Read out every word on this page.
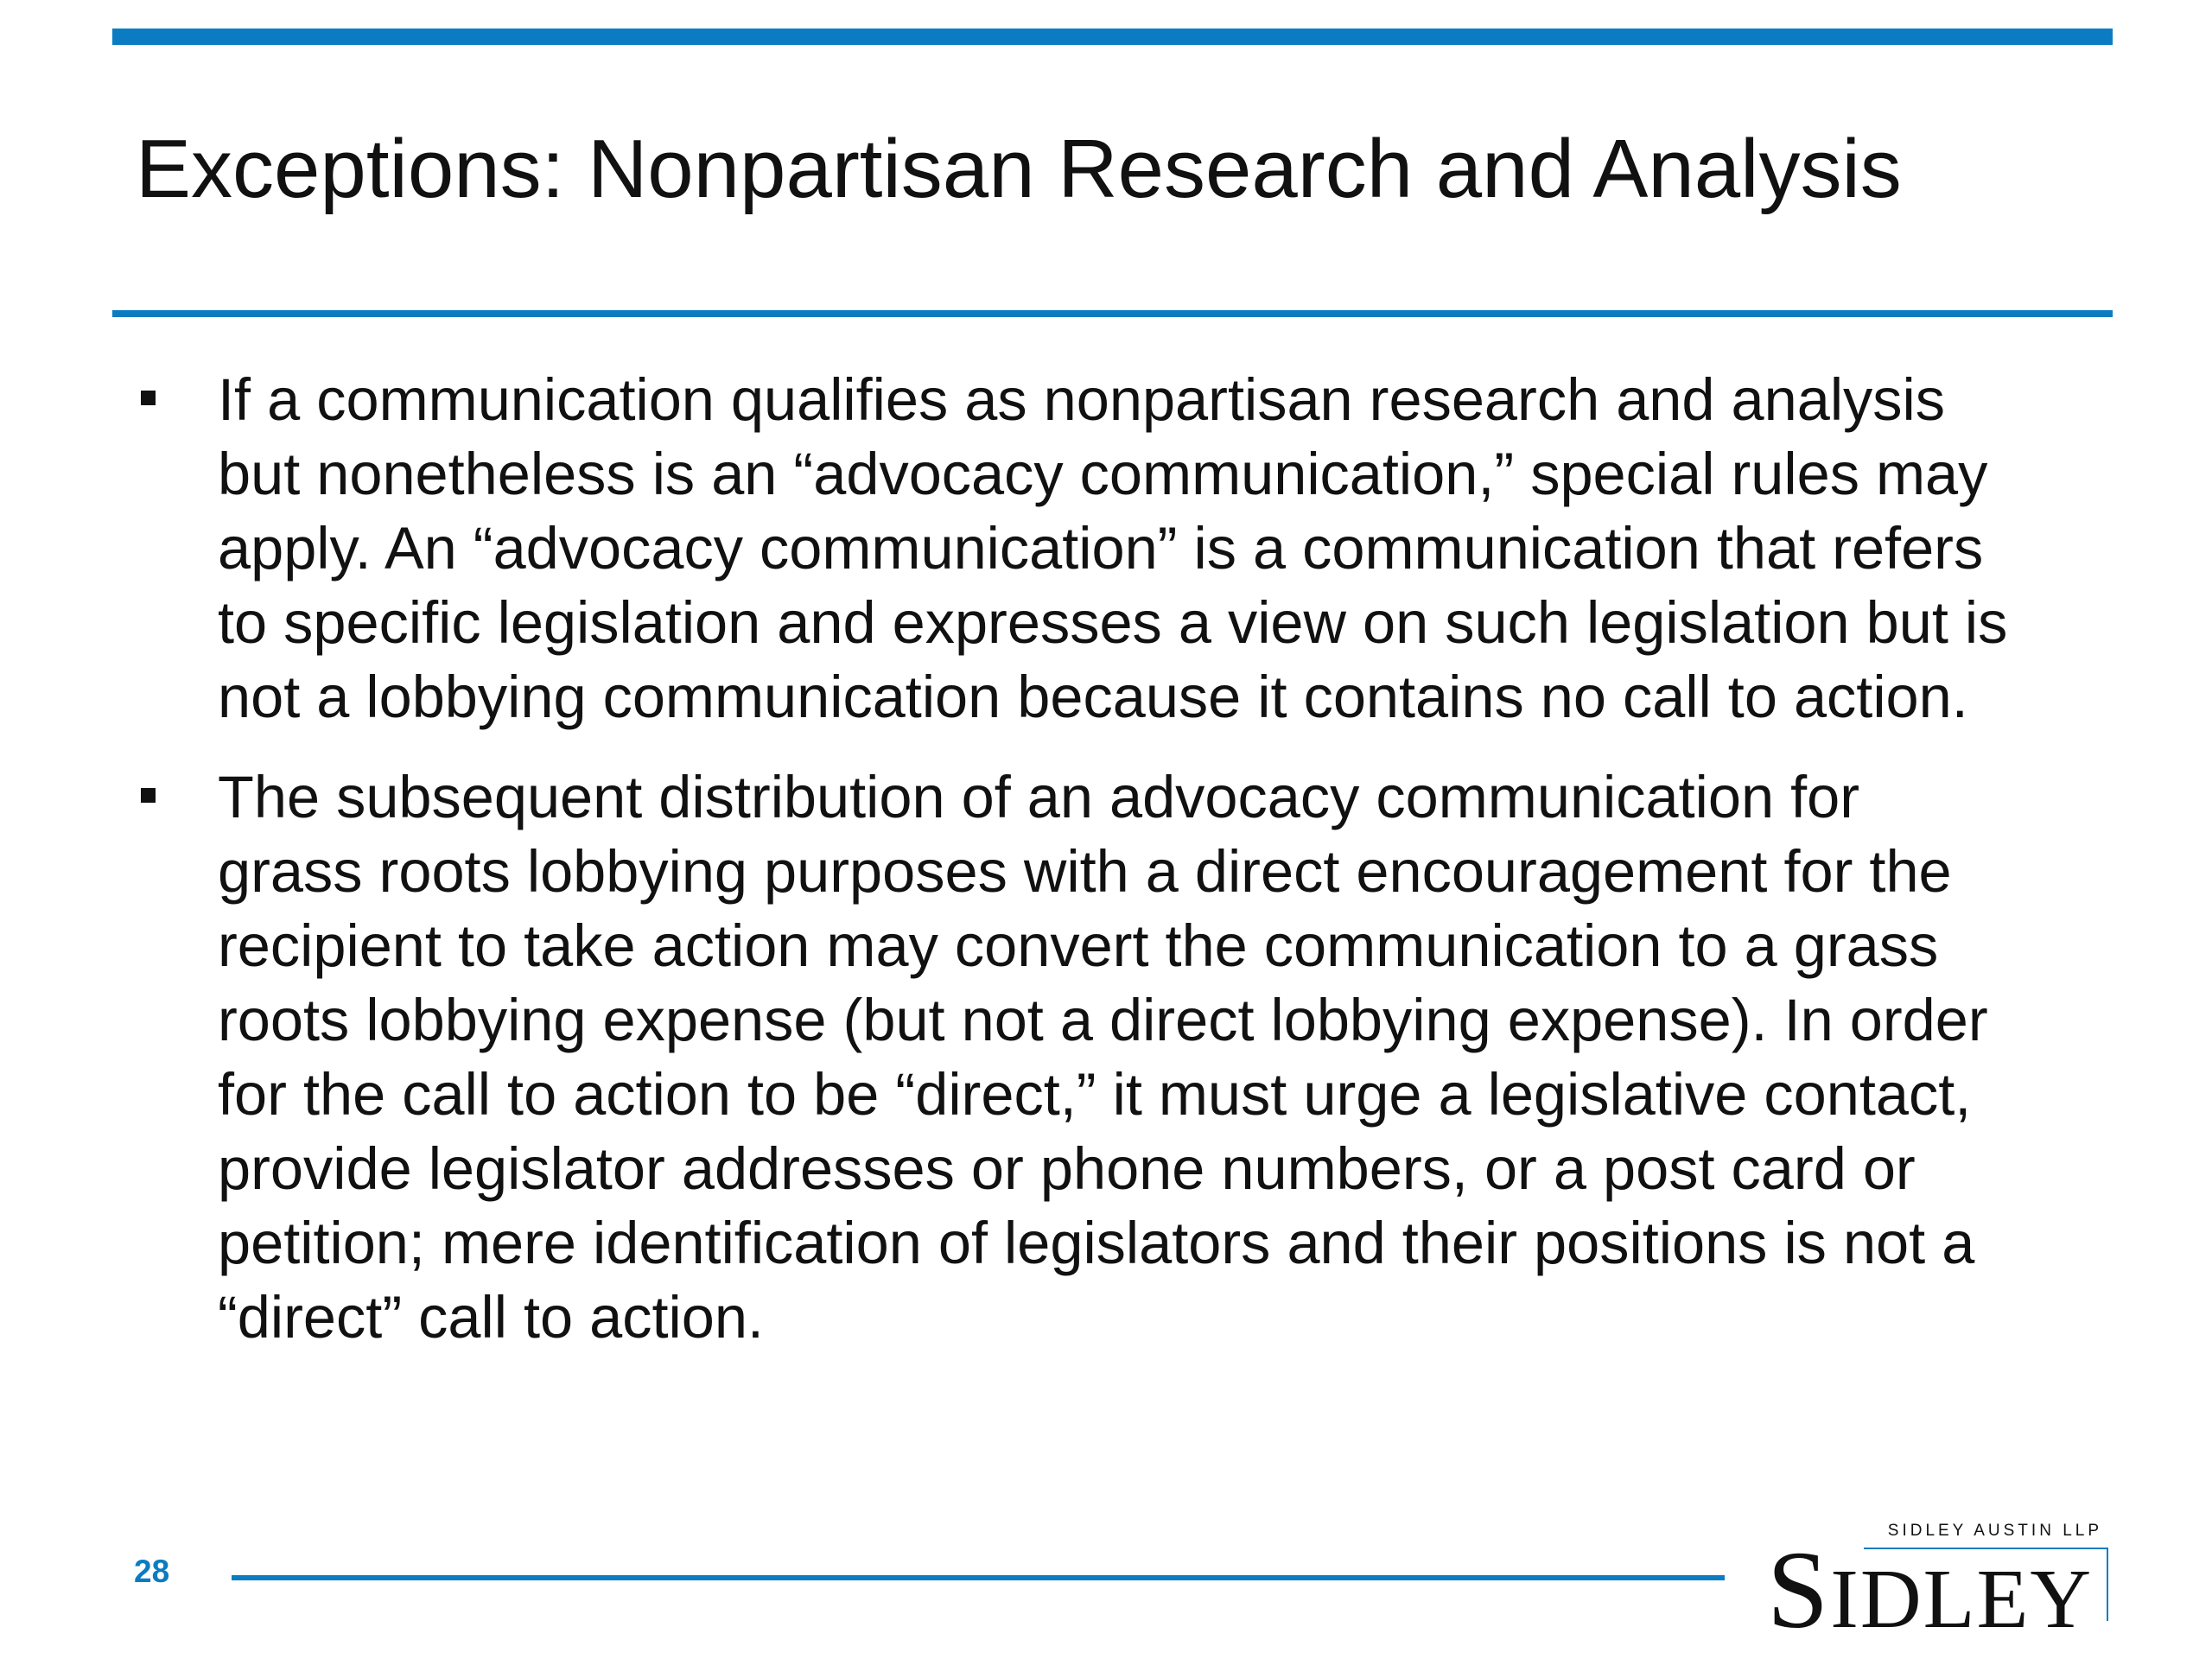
Exceptions: Nonpartisan Research and Analysis
If a communication qualifies as nonpartisan research and analysis
but nonetheless is an “advocacy communication,” special rules may
apply. An “advocacy communication” is a communication that refers
to specific legislation and expresses a view on such legislation but is
not a lobbying communication because it contains no call to action.
The subsequent distribution of an advocacy communication for
grass roots lobbying purposes with a direct encouragement for the
recipient to take action may convert the communication to a grass
roots lobbying expense (but not a direct lobbying expense). In order
for the call to action to be “direct,” it must urge a legislative contact,
provide legislator addresses or phone numbers, or a post card or
petition; mere identification of legislators and their positions is not a
“direct” call to action.
28
SIDLEY AUSTIN LLP
SIDLEY
